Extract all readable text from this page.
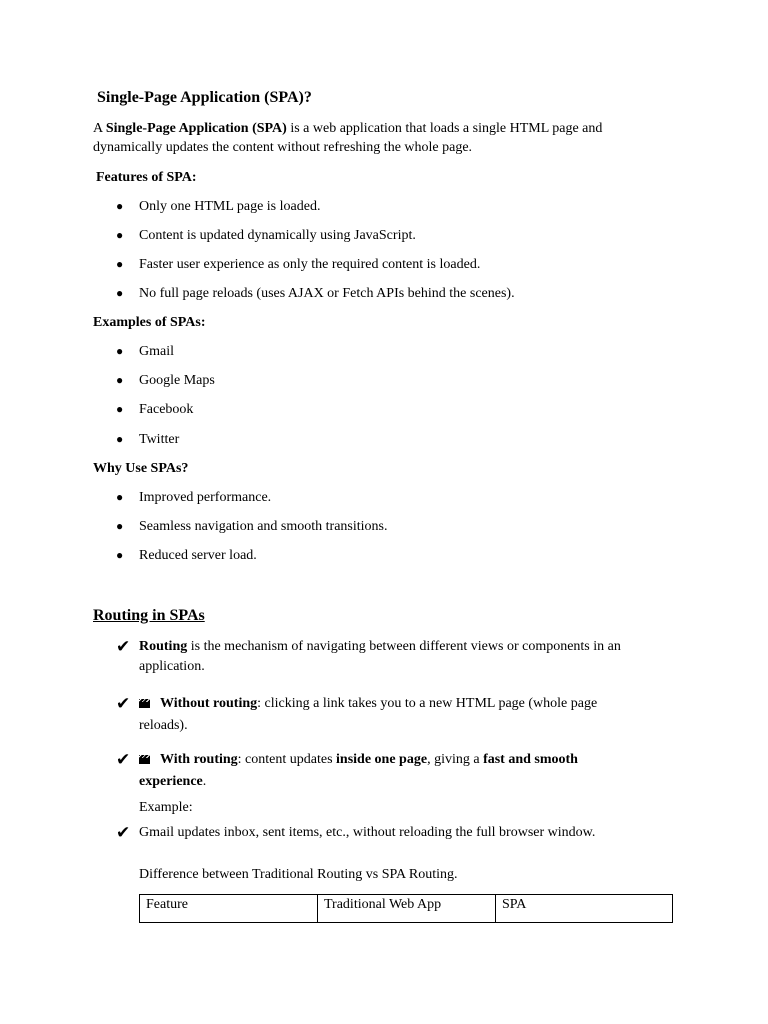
Single-Page Application (SPA)?
A Single-Page Application (SPA) is a web application that loads a single HTML page and dynamically updates the content without refreshing the whole page.
Features of SPA:
● Only one HTML page is loaded.
● Content is updated dynamically using JavaScript.
● Faster user experience as only the required content is loaded.
● No full page reloads (uses AJAX or Fetch APIs behind the scenes).
Examples of SPAs:
● Gmail
● Google Maps
● Facebook
● Twitter
Why Use SPAs?
● Improved performance.
● Seamless navigation and smooth transitions.
● Reduced server load.
Routing in SPAs
✔ Routing is the mechanism of navigating between different views or components in an
application.
✔	Without routing: clicking a link takes you to a new HTML page (whole page
reloads).
✔	With routing: content updates inside one page, giving a fast and smooth
experience.
Example:
✔ Gmail updates inbox, sent items, etc., without reloading the full browser window.
Difference between Traditional Routing vs SPA Routing.
Feature	Traditional Web App	SPA
